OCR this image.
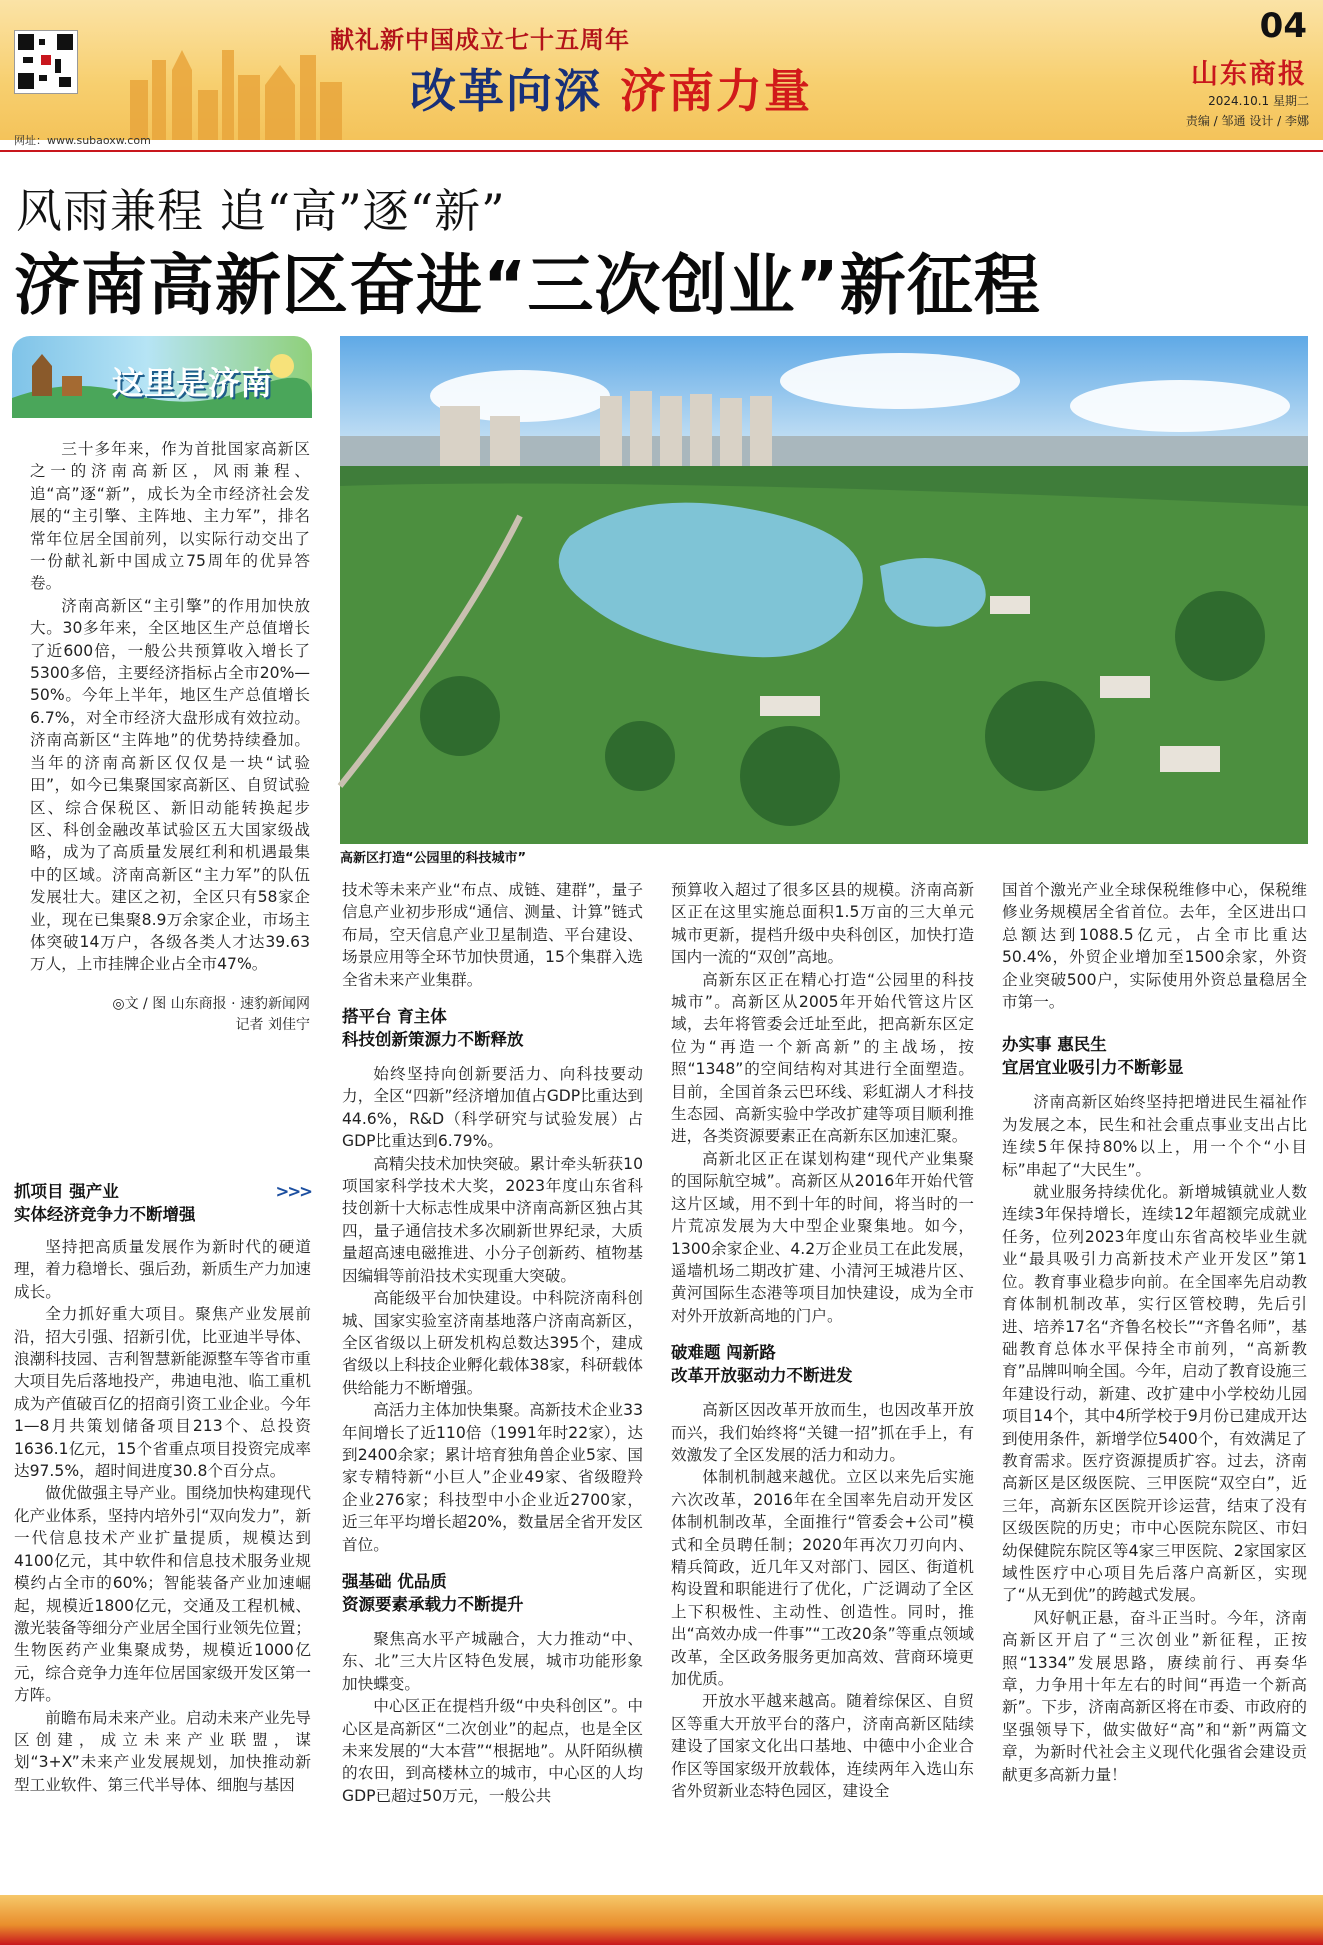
献礼新中国成立七十五周年
改革向深 济南力量
04
山东商报
2024.10.1 星期二
责编 / 邹通 设计 / 李娜
网址：www.subaoxw.com
风雨兼程 追“高”逐“新”
济南高新区奋进“三次创业”新征程
这里是济南
高新区打造“公园里的科技城市”

三十多年来，作为首批国家高新区之一的济南高新区，风雨兼程、追“高”逐“新”，成长为全市经济社会发展的“主引擎、主阵地、主力军”，排名常年位居全国前列，以实际行动交出了一份献礼新中国成立75周年的优异答卷。

济南高新区“主引擎”的作用加快放大。30多年来，全区地区生产总值增长了近600倍，一般公共预算收入增长了5300多倍，主要经济指标占全市20%—50%。今年上半年，地区生产总值增长6.7%，对全市经济大盘形成有效拉动。济南高新区“主阵地”的优势持续叠加。当年的济南高新区仅仅是一块“试验田”，如今已集聚国家高新区、自贸试验区、综合保税区、新旧动能转换起步区、科创金融改革试验区五大国家级战略，成为了高质量发展红利和机遇最集中的区域。济南高新区“主力军”的队伍发展壮大。建区之初，全区只有58家企业，现在已集聚8.9万余家企业，市场主体突破14万户，各级各类人才达39.63万人，上市挂牌企业占全市47%。

◎文 / 图 山东商报 · 速豹新闻网

记者 刘佳宁

抓项目 强产业	>>>

实体经济竞争力不断增强

坚持把高质量发展作为新时代的硬道理，着力稳增长、强后劲，新质生产力加速成长。

全力抓好重大项目。聚焦产业发展前沿，招大引强、招新引优，比亚迪半导体、浪潮科技园、吉利智慧新能源整车等省市重大项目先后落地投产，弗迪电池、临工重机成为产值破百亿的招商引资工业企业。今年1—8月共策划储备项目213个、总投资1636.1亿元，15个省重点项目投资完成率达97.5%，超时间进度30.8个百分点。

做优做强主导产业。围绕加快构建现代化产业体系，坚持内培外引“双向发力”，新一代信息技术产业扩量提质，规模达到4100亿元，其中软件和信息技术服务业规模约占全市的60%；智能装备产业加速崛起，规模近1800亿元，交通及工程机械、激光装备等细分产业居全国行业领先位置；生物医药产业集聚成势，规模近1000亿元，综合竞争力连年位居国家级开发区第一方阵。

前瞻布局未来产业。启动未来产业先导区创建，成立未来产业联盟，谋划“3+X”未来产业发展规划，加快推动新型工业软件、第三代半导体、细胞与基因

技术等未来产业“布点、成链、建群”，量子信息产业初步形成“通信、测量、计算”链式布局，空天信息产业卫星制造、平台建设、场景应用等全环节加快贯通，15个集群入选全省未来产业集群。

搭平台 育主体

科技创新策源力不断释放

始终坚持向创新要活力、向科技要动力，全区“四新”经济增加值占GDP比重达到44.6%，R&D（科学研究与试验发展）占GDP比重达到6.79%。

高精尖技术加快突破。累计牵头斩获10项国家科学技术大奖，2023年度山东省科技创新十大标志性成果中济南高新区独占其四，量子通信技术多次刷新世界纪录，大质量超高速电磁推进、小分子创新药、植物基因编辑等前沿技术实现重大突破。

高能级平台加快建设。中科院济南科创城、国家实验室济南基地落户济南高新区，全区省级以上研发机构总数达395个，建成省级以上科技企业孵化载体38家，科研载体供给能力不断增强。

高活力主体加快集聚。高新技术企业33年间增长了近110倍（1991年时22家），达到2400余家；累计培育独角兽企业5家、国家专精特新“小巨人”企业49家、省级瞪羚企业276家；科技型中小企业近2700家，近三年平均增长超20%，数量居全省开发区首位。

强基础 优品质

资源要素承载力不断提升

聚焦高水平产城融合，大力推动“中、东、北”三大片区特色发展，城市功能形象加快蝶变。

中心区正在提档升级“中央科创区”。中心区是高新区“二次创业”的起点，也是全区未来发展的“大本营”“根据地”。从阡陌纵横的农田，到高楼林立的城市，中心区的人均GDP已超过50万元，一般公共

预算收入超过了很多区县的规模。济南高新区正在这里实施总面积1.5万亩的三大单元城市更新，提档升级中央科创区，加快打造国内一流的“双创”高地。

高新东区正在精心打造“公园里的科技城市”。高新区从2005年开始代管这片区域，去年将管委会迁址至此，把高新东区定位为“再造一个新高新”的主战场，按照“1348”的空间结构对其进行全面塑造。目前，全国首条云巴环线、彩虹湖人才科技生态园、高新实验中学改扩建等项目顺利推进，各类资源要素正在高新东区加速汇聚。

高新北区正在谋划构建“现代产业集聚的国际航空城”。高新区从2016年开始代管这片区域，用不到十年的时间，将当时的一片荒凉发展为大中型企业聚集地。如今，1300余家企业、4.2万企业员工在此发展，遥墙机场二期改扩建、小清河王城港片区、黄河国际生态港等项目加快建设，成为全市对外开放新高地的门户。

破难题 闯新路

改革开放驱动力不断进发

高新区因改革开放而生，也因改革开放而兴，我们始终将“关键一招”抓在手上，有效激发了全区发展的活力和动力。

体制机制越来越优。立区以来先后实施六次改革，2016年在全国率先启动开发区体制机制改革，全面推行“管委会+公司”模式和全员聘任制；2020年再次刀刃向内、精兵简政，近几年又对部门、园区、街道机构设置和职能进行了优化，广泛调动了全区上下积极性、主动性、创造性。同时，推出“高效办成一件事”“工改20条”等重点领域改革，全区政务服务更加高效、营商环境更加优质。

开放水平越来越高。随着综保区、自贸区等重大开放平台的落户，济南高新区陆续建设了国家文化出口基地、中德中小企业合作区等国家级开放载体，连续两年入选山东省外贸新业态特色园区，建设全

国首个激光产业全球保税维修中心，保税维修业务规模居全省首位。去年，全区进出口总额达到1088.5亿元，占全市比重达50.4%，外贸企业增加至1500余家，外资企业突破500户，实际使用外资总量稳居全市第一。

办实事 惠民生

宜居宜业吸引力不断彰显

济南高新区始终坚持把增进民生福祉作为发展之本，民生和社会重点事业支出占比连续5年保持80%以上，用一个个“小目标”串起了“大民生”。

就业服务持续优化。新增城镇就业人数连续3年保持增长，连续12年超额完成就业任务，位列2023年度山东省高校毕业生就业“最具吸引力高新技术产业开发区”第1位。教育事业稳步向前。在全国率先启动教育体制机制改革，实行区管校聘，先后引进、培养17名“齐鲁名校长”“齐鲁名师”，基础教育总体水平保持全市前列，“高新教育”品牌叫响全国。今年，启动了教育设施三年建设行动，新建、改扩建中小学校幼儿园项目14个，其中4所学校于9月份已建成开达到使用条件，新增学位5400个，有效满足了教育需求。医疗资源提质扩容。过去，济南高新区是区级医院、三甲医院“双空白”，近三年，高新东区医院开诊运营，结束了没有区级医院的历史；市中心医院东院区、市妇幼保健院东院区等4家三甲医院、2家国家区域性医疗中心项目先后落户高新区，实现了“从无到优”的跨越式发展。

风好帆正悬，奋斗正当时。今年，济南高新区开启了“三次创业”新征程，正按照“1334”发展思路，赓续前行、再奏华章，力争用十年左右的时间“再造一个新高新”。下步，济南高新区将在市委、市政府的坚强领导下，做实做好“高”和“新”两篇文章，为新时代社会主义现代化强省会建设贡献更多高新力量！
